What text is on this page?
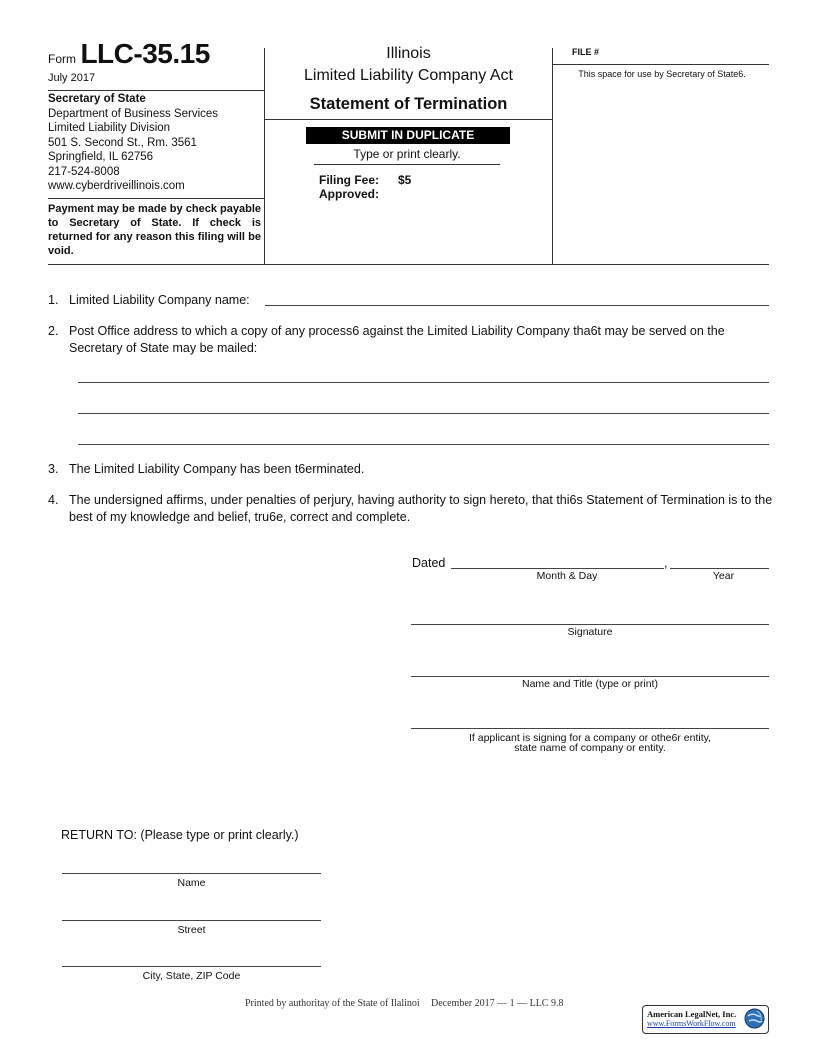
Form LLC-35.15
July 2017
Secretary of State
Department of Business Services
Limited Liability Division
501 S. Second St., Rm. 3561
Springfield, IL 62756
217-524-8008
www.cyberdriveillinois.com
Payment may be made by check payable to Secretary of State. If check is returned for any reason this filing will be void.
Illinois
Limited Liability Company Act
Statement of Termination
SUBMIT IN DUPLICATE
Type or print clearly.
Filing Fee: $5
Approved:
FILE #
This space for use by Secretary of State6.
1. Limited Liability Company name:
2. Post Office address to which a copy of any process6 against the Limited Liability Company tha6t may be served on the Secretary of State may be mailed:
3. The Limited Liability Company has been t6erminated.
4. The undersigned affirms, under penalties of perjury, having authority to sign hereto, that thi6s Statement of Termination is to the best of my knowledge and belief, tru6e, correct and complete.
Dated	,
Month & Day	Year
Signature
Name and Title (type or print)
If applicant is signing for a company or othe6r entity,
state name of company or entity.
RETURN TO: (Please type or print clearly.)
Name
Street
City, State, ZIP Code
Printed by authoritay of the State of Ilalinoi December 2017 — 1 — LLC 9.8
American LegalNet, Inc.
www.FormsWorkFlow.com
